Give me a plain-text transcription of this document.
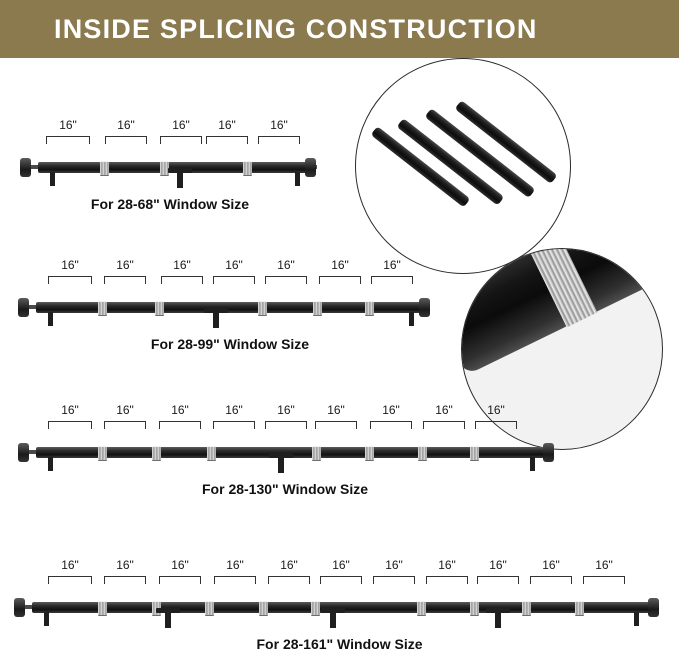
INSIDE SPLICING CONSTRUCTION
16"	16"	16" 16"	16"
For 28-68" Window Size
16"	16"	16"	16"	16"	16"	16"
For 28-99" Window Size
16"	16"	16"	16"	16"	16"	16"	16"	16"
For 28-130" Window Size
16"	16"	16"	16"	16"	16"	16"	16"	16"	16"	16"
For 28-161" Window Size
